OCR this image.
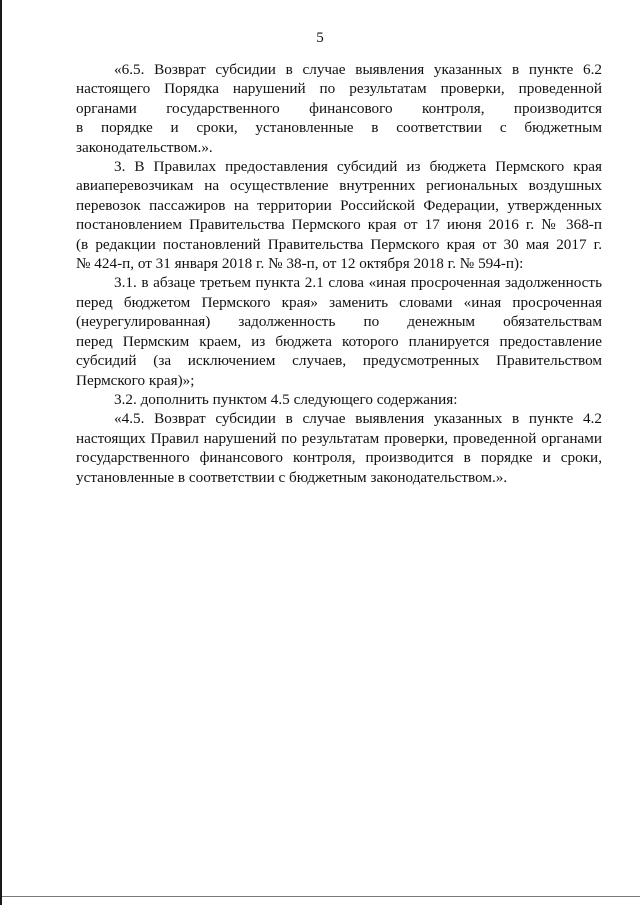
5

«6.5. Возврат субсидии в случае выявления указанных в пункте 6.2
настоящего Порядка нарушений по результатам проверки, проведенной
органами государственного финансового контроля, производится
в порядке и сроки, установленные в соответствии с бюджетным
законодательством.».

3. В Правилах предоставления субсидий из бюджета Пермского края
авиаперевозчикам на осуществление внутренних региональных воздушных
перевозок пассажиров на территории Российской Федерации, утвержденных
постановлением Правительства Пермского края от 17 июня 2016 г. № 368-п
(в редакции постановлений Правительства Пермского края от 30 мая 2017 г.
№ 424-п, от 31 января 2018 г. № 38-п, от 12 октября 2018 г. № 594-п):

3.1. в абзаце третьем пункта 2.1 слова «иная просроченная задолженность
перед бюджетом Пермского края» заменить словами «иная просроченная
(неурегулированная) задолженность по денежным обязательствам
перед Пермским краем, из бюджета которого планируется предоставление
субсидий (за исключением случаев, предусмотренных Правительством
Пермского края)»;

3.2. дополнить пунктом 4.5 следующего содержания:

«4.5. Возврат субсидии в случае выявления указанных в пункте 4.2
настоящих Правил нарушений по результатам проверки, проведенной органами
государственного финансового контроля, производится в порядке и сроки,
установленные в соответствии с бюджетным законодательством.».
